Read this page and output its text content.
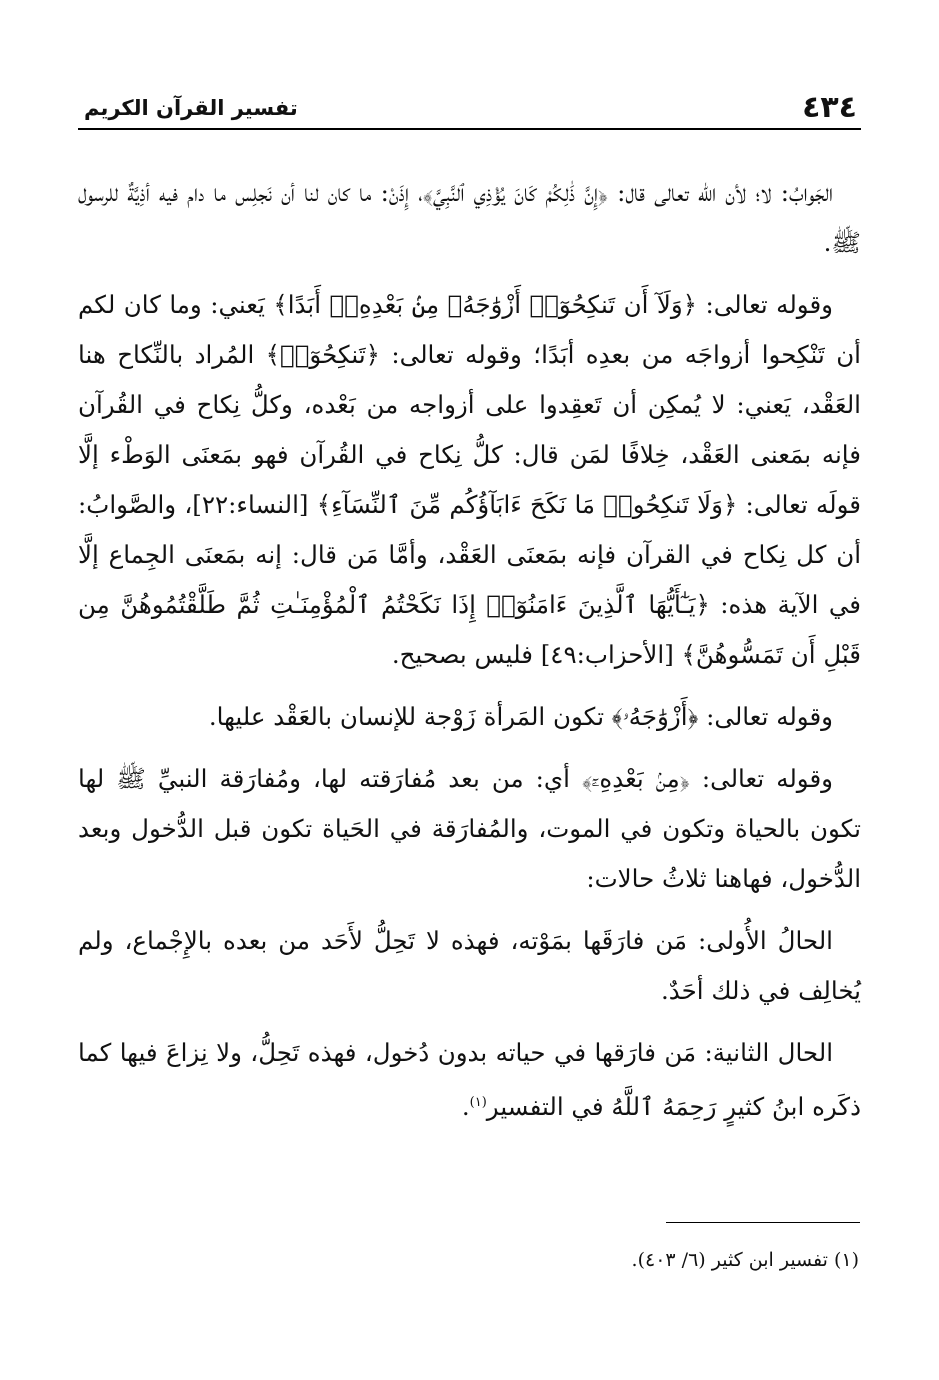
٤٣٤
تفسير القرآن الكريم

الجَوابُ: لا؛ لأن الله تعالى قال: ﴿إِنَّ ذَٰلِكُمْ كَانَ يُؤْذِي ٱلنَّبِيَّ﴾، إِذَنْ: ما كان لنا أن نَجلِس ما دام فيه أذِيَّةٌ للرسول ﷺ.

وقوله تعالى: ﴿وَلَآ أَن تَنكِحُوٓا۟ أَزْوَٰجَهُۥ مِنۢ بَعْدِهِۦٓ أَبَدًا﴾ يَعني: وما كان لكم أن تَنْكِحوا أزواجَه من بعدِه أبَدًا؛ وقوله تعالى: ﴿تَنكِحُوٓا۟﴾ المُراد بالنِّكاح هنا العَقْد، يَعني: لا يُمكِن أن تَعقِدوا على أزواجه من بَعْده، وكلُّ نِكاح في القُرآن فإنه بمَعنى العَقْد، خِلافًا لمَن قال: كلُّ نِكاح في القُرآن فهو بمَعنَى الوَطْء إلَّا قولَه تعالى: ﴿وَلَا تَنكِحُوا۟ مَا نَكَحَ ءَابَآؤُكُم مِّنَ ٱلنِّسَآءِ﴾ [النساء:٢٢]، والصَّوابُ: أن كل نِكاح في القرآن فإنه بمَعنَى العَقْد، وأمَّا مَن قال: إنه بمَعنَى الجِماع إلَّا في الآية هذه: ﴿يَـٰٓأَيُّهَا ٱلَّذِينَ ءَامَنُوٓا۟ إِذَا نَكَحْتُمُ ٱلْمُؤْمِنَـٰتِ ثُمَّ طَلَّقْتُمُوهُنَّ مِن قَبْلِ أَن تَمَسُّوهُنَّ﴾ [الأحزاب:٤٩] فليس بصحيح.

وقوله تعالى: ﴿أَزْوَٰجَهُۥ﴾ تكون المَرأة زَوْجة للإنسان بالعَقْد عليها.

وقوله تعالى: ﴿مِنۢ بَعْدِهِۦٓ﴾ أي: من بعد مُفارَقته لها، ومُفارَقة النبيِّ ﷺ لها تكون بالحياة وتكون في الموت، والمُفارَقة في الحَياة تكون قبل الدُّخول وبعد الدُّخول، فهاهنا ثلاثُ حالات:

الحالُ الأُولى: مَن فارَقَها بمَوْته، فهذه لا تَحِلُّ لأَحَد من بعده بالإِجْماع، ولم يُخالِف في ذلك أحَدٌ.

الحال الثانية: مَن فارَقها في حياته بدون دُخول، فهذه تَحِلُّ، ولا نِزاعَ فيها كما ذكَره ابنُ كثيرٍ رَحِمَهُ ٱللَّهُ في التفسير$^{(١)}$.

(١) تفسير ابن كثير (٦/ ٤٠٣).
